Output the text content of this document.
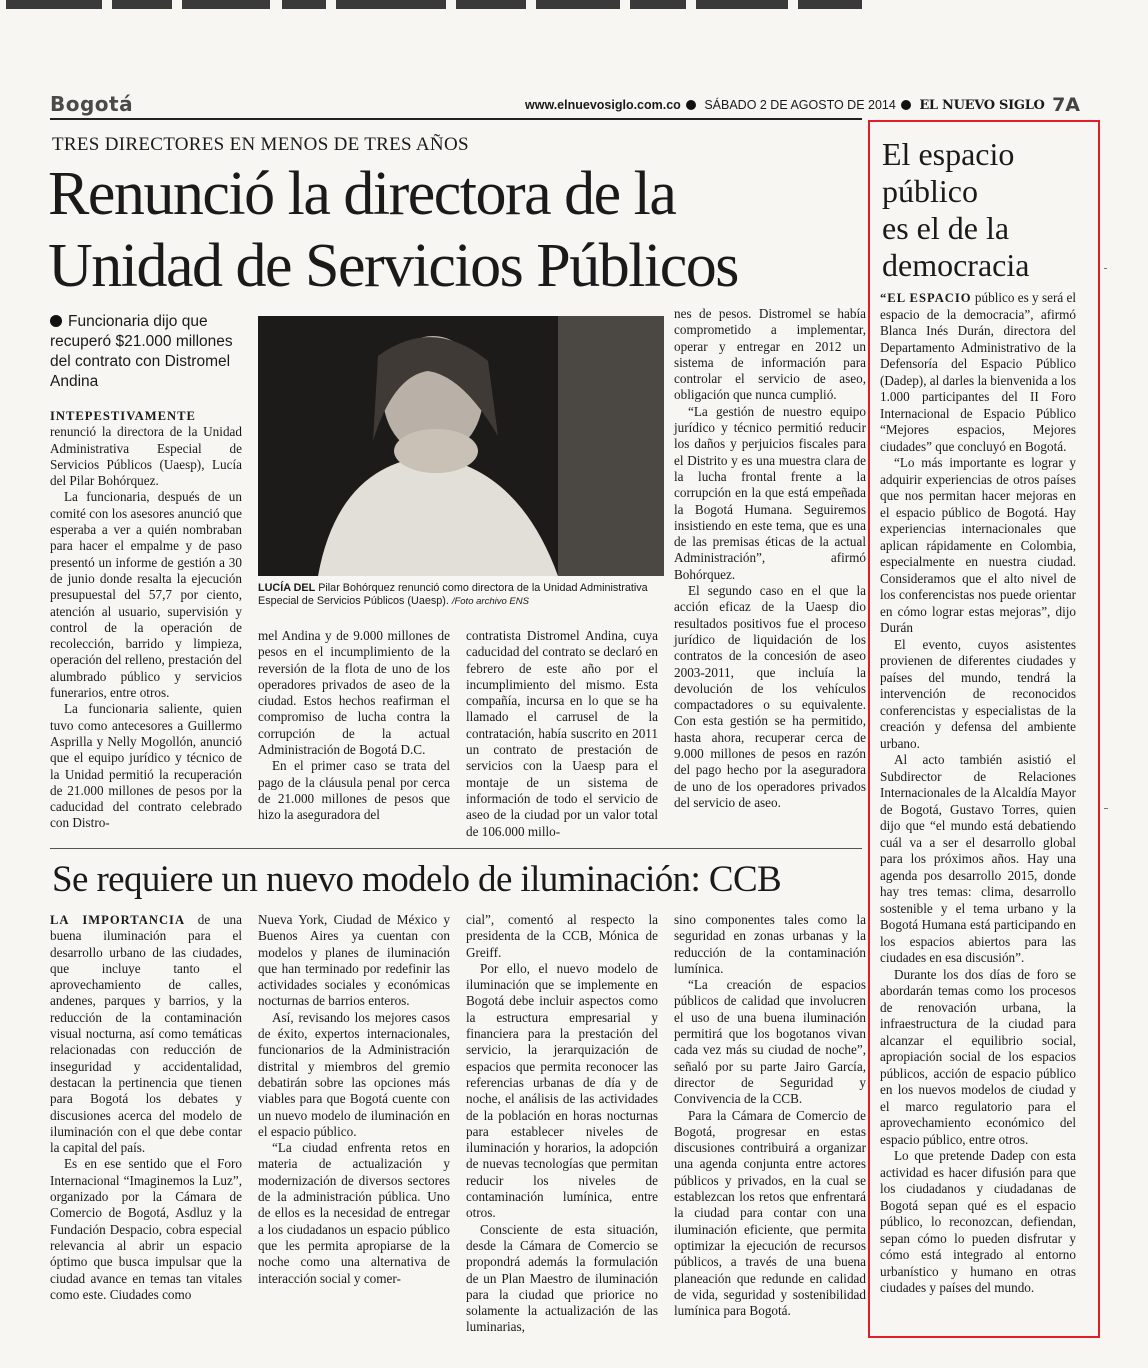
Bogotá	www.elnuevosiglo.com.co SÁBADO 2 DE AGOSTO DE 2014 EL NUEVO SIGLO 7A
TRES DIRECTORES EN MENOS DE TRES AÑOS
Renunció la directora de la
Unidad de Servicios Públicos
Funcionaria dijo que recuperó $21.000 millones del contrato con Distromel Andina

INTEPESTIVAMENTE renunció la directora de la Unidad Administrativa Especial de Servicios Públicos (Uaesp), Lucía del Pilar Bohórquez.

La funcionaria, después de un comité con los asesores anunció que esperaba a ver a quién nombraban para hacer el empalme y de paso presentó un informe de gestión a 30 de junio donde resalta la ejecución presupuestal del 57,7 por ciento, atención al usuario, supervisión y control de la operación de recolección, barrido y limpieza, operación del relleno, prestación del alumbrado público y servicios funerarios, entre otros.

La funcionaria saliente, quien tuvo como antecesores a Guillermo Asprilla y Nelly Mogollón, anunció que el equipo jurídico y técnico de la Unidad permitió la recuperación de 21.000 millones de pesos por la caducidad del contrato celebrado con Distro-

LUCÍA DEL Pilar Bohórquez renunció como directora de la Unidad Administrativa Especial de Servicios Públicos (Uaesp). /Foto archivo ENS

mel Andina y de 9.000 millones de pesos en el incumplimiento de la reversión de la flota de uno de los operadores privados de aseo de la ciudad. Estos hechos reafirman el compromiso de lucha contra la corrupción de la actual Administración de Bogotá D.C.

En el primer caso se trata del pago de la cláusula penal por cerca de 21.000 millones de pesos que hizo la aseguradora del

contratista Distromel Andina, cuya caducidad del contrato se declaró en febrero de este año por el incumplimiento del mismo. Esta compañía, incursa en lo que se ha llamado el carrusel de la contratación, había suscrito en 2011 un contrato de prestación de servicios con la Uaesp para el montaje de un sistema de información de todo el servicio de aseo de la ciudad por un valor total de 106.000 millo-

nes de pesos. Distromel se había comprometido a implementar, operar y entregar en 2012 un sistema de información para controlar el servicio de aseo, obligación que nunca cumplió.

“La gestión de nuestro equipo jurídico y técnico permitió reducir los daños y perjuicios fiscales para el Distrito y es una muestra clara de la lucha frontal frente a la corrupción en la que está empeñada la Bogotá Humana. Seguiremos insistiendo en este tema, que es una de las premisas éticas de la actual Administración”, afirmó Bohórquez.

El segundo caso en el que la acción eficaz de la Uaesp dio resultados positivos fue el proceso jurídico de liquidación de los contratos de la concesión de aseo 2003-2011, que incluía la devolución de los vehículos compactadores o su equivalente. Con esta gestión se ha permitido, hasta ahora, recuperar cerca de 9.000 millones de pesos en razón del pago hecho por la aseguradora de uno de los operadores privados del servicio de aseo.

Se requiere un nuevo modelo de iluminación: CCB

LA IMPORTANCIA de una buena iluminación para el desarrollo urbano de las ciudades, que incluye tanto el aprovechamiento de calles, andenes, parques y barrios, y la reducción de la contaminación visual nocturna, así como temáticas relacionadas con reducción de inseguridad y accidentalidad, destacan la pertinencia que tienen para Bogotá los debates y discusiones acerca del modelo de iluminación con el que debe contar la capital del país.

Es en ese sentido que el Foro Internacional “Imaginemos la Luz”, organizado por la Cámara de Comercio de Bogotá, Asdluz y la Fundación Despacio, cobra especial relevancia al abrir un espacio óptimo que busca impulsar que la ciudad avance en temas tan vitales como este. Ciudades como

Nueva York, Ciudad de México y Buenos Aires ya cuentan con modelos y planes de iluminación que han terminado por redefinir las actividades sociales y económicas nocturnas de barrios enteros.

Así, revisando los mejores casos de éxito, expertos internacionales, funcionarios de la Administración distrital y miembros del gremio debatirán sobre las opciones más viables para que Bogotá cuente con un nuevo modelo de iluminación en el espacio público.

“La ciudad enfrenta retos en materia de actualización y modernización de diversos sectores de la administración pública. Uno de ellos es la necesidad de entregar a los ciudadanos un espacio público que les permita apropiarse de la noche como una alternativa de interacción social y comer-

cial”, comentó al respecto la presidenta de la CCB, Mónica de Greiff.

Por ello, el nuevo modelo de iluminación que se implemente en Bogotá debe incluir aspectos como la estructura empresarial y financiera para la prestación del servicio, la jerarquización de espacios que permita reconocer las referencias urbanas de día y de noche, el análisis de las actividades de la población en horas nocturnas para establecer niveles de iluminación y horarios, la adopción de nuevas tecnologías que permitan reducir los niveles de contaminación lumínica, entre otros.

Consciente de esta situación, desde la Cámara de Comercio se propondrá además la formulación de un Plan Maestro de iluminación para la ciudad que priorice no solamente la actualización de las luminarias,

sino componentes tales como la seguridad en zonas urbanas y la reducción de la contaminación lumínica.

“La creación de espacios públicos de calidad que involucren el uso de una buena iluminación permitirá que los bogotanos vivan cada vez más su ciudad de noche”, señaló por su parte Jairo García, director de Seguridad y Convivencia de la CCB.

Para la Cámara de Comercio de Bogotá, progresar en estas discusiones contribuirá a organizar una agenda conjunta entre actores públicos y privados, en la cual se establezcan los retos que enfrentará la ciudad para contar con una iluminación eficiente, que permita optimizar la ejecución de recursos públicos, a través de una buena planeación que redunde en calidad de vida, seguridad y sostenibilidad lumínica para Bogotá.

El espacio
público
es el de la
democracia

“EL ESPACIO público es y será el espacio de la democracia”, afirmó Blanca Inés Durán, directora del Departamento Administrativo de la Defensoría del Espacio Público (Dadep), al darles la bienvenida a los 1.000 participantes del II Foro Internacional de Espacio Público “Mejores espacios, Mejores ciudades” que concluyó en Bogotá.

“Lo más importante es lograr y adquirir experiencias de otros países que nos permitan hacer mejoras en el espacio público de Bogotá. Hay experiencias internacionales que aplican rápidamente en Colombia, especialmente en nuestra ciudad. Consideramos que el alto nivel de los conferencistas nos puede orientar en cómo lograr estas mejoras”, dijo Durán

El evento, cuyos asistentes provienen de diferentes ciudades y países del mundo, tendrá la intervención de reconocidos conferencistas y especialistas de la creación y defensa del ambiente urbano.

Al acto también asistió el Subdirector de Relaciones Internacionales de la Alcaldía Mayor de Bogotá, Gustavo Torres, quien dijo que “el mundo está debatiendo cuál va a ser el desarrollo global para los próximos años. Hay una agenda pos desarrollo 2015, donde hay tres temas: clima, desarrollo sostenible y el tema urbano y la Bogotá Humana está participando en los espacios abiertos para las ciudades en esa discusión”.

Durante los dos días de foro se abordarán temas como los procesos de renovación urbana, la infraestructura de la ciudad para alcanzar el equilibrio social, apropiación social de los espacios públicos, acción de espacio público en los nuevos modelos de ciudad y el marco regulatorio para el aprovechamiento económico del espacio público, entre otros.

Lo que pretende Dadep con esta actividad es hacer difusión para que los ciudadanos y ciudadanas de Bogotá sepan qué es el espacio público, lo reconozcan, defiendan, sepan cómo lo pueden disfrutar y cómo está integrado al entorno urbanístico y humano en otras ciudades y países del mundo.
